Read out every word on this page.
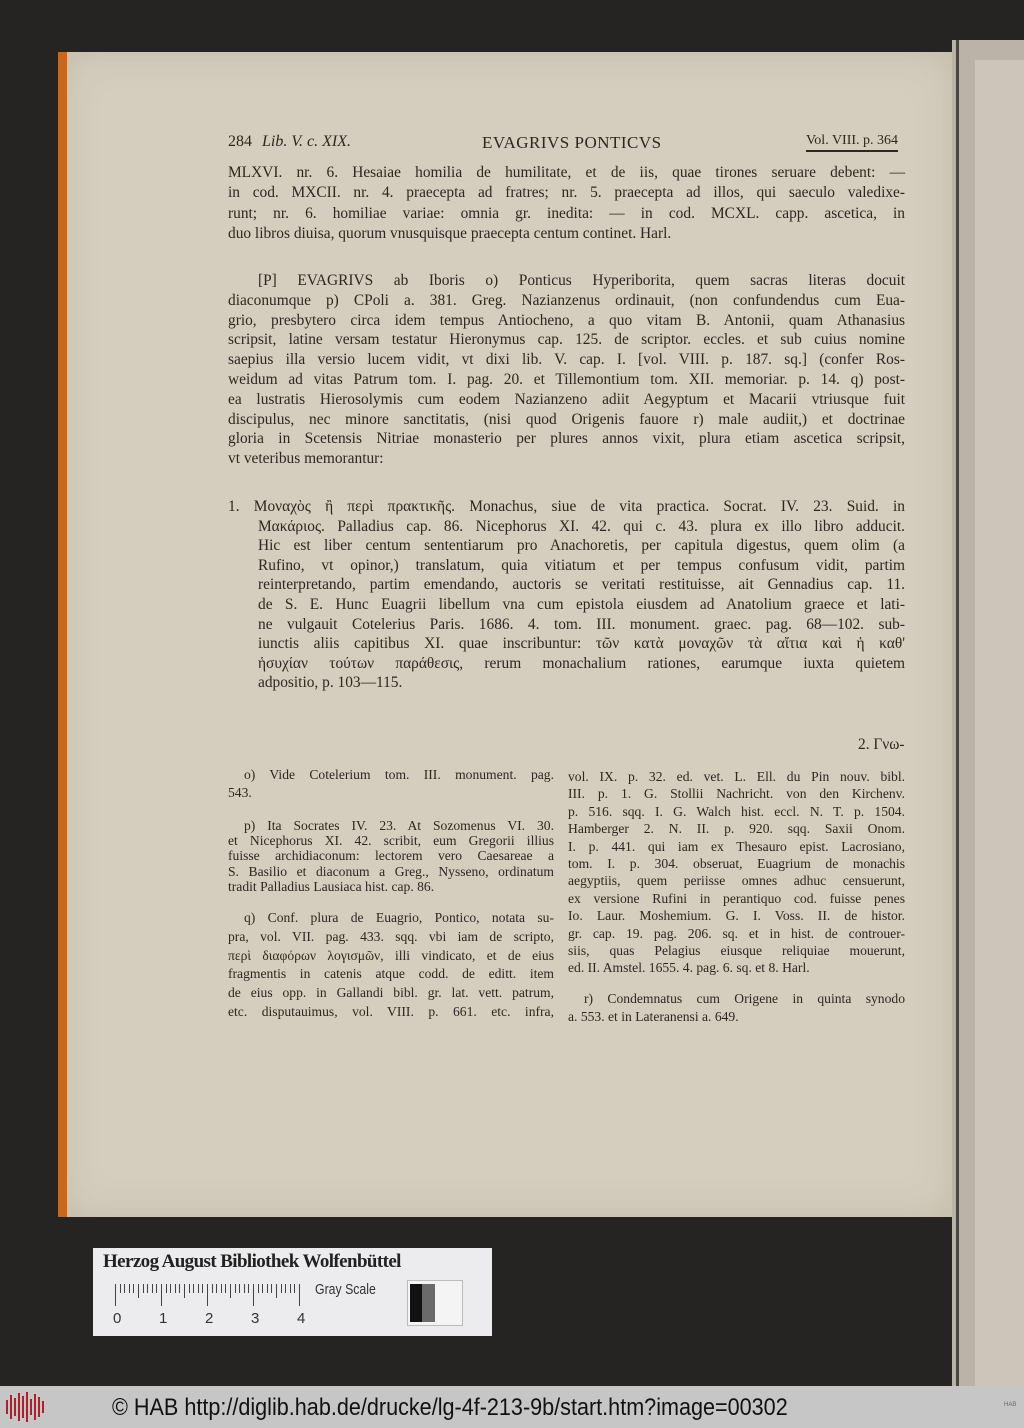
284 Lib. V. c. XIX.	EVAGRIVS PONTICVS	Vol. VIII. p. 364
MLXVI. nr. 6. Hesaiae homilia de humilitate, et de iis, quae tirones seruare debent: —
in cod. MXCII. nr. 4. praecepta ad fratres; nr. 5. praecepta ad illos, qui saeculo valedixe-
runt; nr. 6. homiliae variae: omnia gr. inedita: — in cod. MCXL. capp. ascetica, in
duo libros diuisa, quorum vnusquisque praecepta centum continet. Harl.
[P] EVAGRIVS ab Iboris o) Ponticus Hyperiborita, quem sacras literas docuit
diaconumque p) CPoli a. 381. Greg. Nazianzenus ordinauit, (non confundendus cum Eua-
grio, presbytero circa idem tempus Antiocheno, a quo vitam B. Antonii, quam Athanasius
scripsit, latine versam testatur Hieronymus cap. 125. de scriptor. eccles. et sub cuius nomine
saepius illa versio lucem vidit, vt dixi lib. V. cap. I. [vol. VIII. p. 187. sq.] (confer Ros-
weidum ad vitas Patrum tom. I. pag. 20. et Tillemontium tom. XII. memoriar. p. 14. q) post-
ea lustratis Hierosolymis cum eodem Nazianzeno adiit Aegyptum et Macarii vtriusque fuit
discipulus, nec minore sanctitatis, (nisi quod Origenis fauore r) male audiit,) et doctrinae
gloria in Scetensis Nitriae monasterio per plures annos vixit, plura etiam ascetica scripsit,
vt veteribus memorantur:
1. Μοναχὸς ἢ περὶ πρακτικῆς. Monachus, siue de vita practica. Socrat. IV. 23. Suid. in
Μακάριος. Palladius cap. 86. Nicephorus XI. 42. qui c. 43. plura ex illo libro adducit.
Hic est liber centum sententiarum pro Anachoretis, per capitula digestus, quem olim (a
Rufino, vt opinor,) translatum, quia vitiatum et per tempus confusum vidit, partim
reinterpretando, partim emendando, auctoris se veritati restituisse, ait Gennadius cap. 11.
de S. E. Hunc Euagrii libellum vna cum epistola eiusdem ad Anatolium graece et lati-
ne vulgauit Cotelerius Paris. 1686. 4. tom. III. monument. graec. pag. 68—102. sub-
iunctis aliis capitibus XI. quae inscribuntur: τῶν κατὰ μοναχῶν τὰ αἴτια καὶ ἡ καθ'
ἡσυχίαν τούτων παράθεσις, rerum monachalium rationes, earumque iuxta quietem
adpositio, p. 103—115.
o) Vide Cotelerium tom. III. monument. pag.
543.
p) Ita Socrates IV. 23. At Sozomenus VI. 30.
et Nicephorus XI. 42. scribit, eum Gregorii illius
fuisse archidiaconum: lectorem vero Caesareae a
S. Basilio et diaconum a Greg., Nysseno, ordinatum
tradit Palladius Lausiaca hist. cap. 86.
q) Conf. plura de Euagrio, Pontico, notata su-
pra, vol. VII. pag. 433. sqq. vbi iam de scripto,
περὶ διαφόρων λογισμῶν, illi vindicato, et de eius
fragmentis in catenis atque codd. de editt. item
de eius opp. in Gallandi bibl. gr. lat. vett. patrum,
etc. disputauimus, vol. VIII. p. 661. etc. infra,
vol. IX. p. 32. ed. vet. L. Ell. du Pin nouv. bibl.
III. p. 1. G. Stollii Nachricht. von den Kirchenv.
p. 516. sqq. I. G. Walch hist. eccl. N. T. p. 1504.
Hamberger 2. N. II. p. 920. sqq. Saxii Onom.
I. p. 441. qui iam ex Thesauro epist. Lacrosiano,
tom. I. p. 304. obseruat, Euagrium de monachis
aegyptiis, quem periisse omnes adhuc censuerunt,
ex versione Rufini in perantiquo cod. fuisse penes
Io. Laur. Moshemium. G. I. Voss. II. de histor.
gr. cap. 19. pag. 206. sq. et in hist. de controuer-
siis, quas Pelagius eiusque reliquiae mouerunt,
ed. II. Amstel. 1655. 4. pag. 6. sq. et 8. Harl.
r) Condemnatus cum Origene in quinta synodo
a. 553. et in Lateranensi a. 649.
2. Γνω-
Herzog August Bibliothek Wolfenbüttel
0	1	2	3	4
Gray Scale
© HAB http://diglib.hab.de/drucke/lg-4f-213-9b/start.htm?image=00302	HAB
